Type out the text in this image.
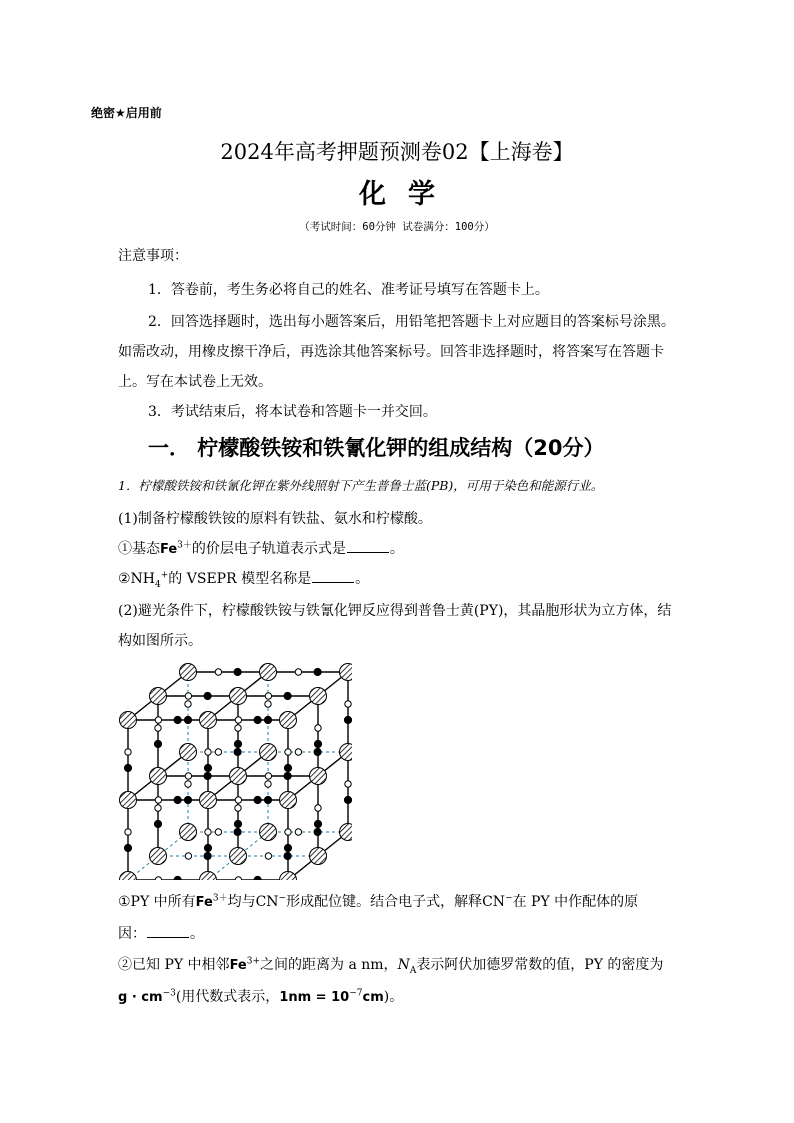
绝密★启用前
2024年高考押题预测卷02【上海卷】
化学
（考试时间：60分钟 试卷满分：100分）
注意事项：
1．答卷前，考生务必将自己的姓名、准考证号填写在答题卡上。
2．回答选择题时，选出每小题答案后，用铅笔把答题卡上对应题目的答案标号涂黑。
如需改动，用橡皮擦干净后，再选涂其他答案标号。回答非选择题时，将答案写在答题卡
上。写在本试卷上无效。
3．考试结束后，将本试卷和答题卡一并交回。
一． 柠檬酸铁铵和铁氰化钾的组成结构（20分）
1．柠檬酸铁铵和铁氰化钾在紫外线照射下产生普鲁士蓝(PB)，可用于染色和能源行业。
(1)制备柠檬酸铁铵的原料有铁盐、氨水和柠檬酸。
①基态$Fe^{3+}$的价层电子轨道表示式是	。
$②NH_4^+$的 VSEPR 模型名称是	。
(2)避光条件下，柠檬酸铁铵与铁氰化钾反应得到普鲁士黄(PY)，其晶胞形状为立方体，结
构如图所示。
①PY 中所有$Fe^{3+}$均与CN−形成配位键。结合电子式，解释CN−在 PY 中作配体的原
因：	。
②已知 PY 中相邻$Fe^{3+}$之间的距离为 a nm，$N_A$表示阿伏加德罗常数的值，PY 的密度为
$g \cdot cm^{-3}$(用代数式表示，$1nm = 10^{-7}cm$)。
